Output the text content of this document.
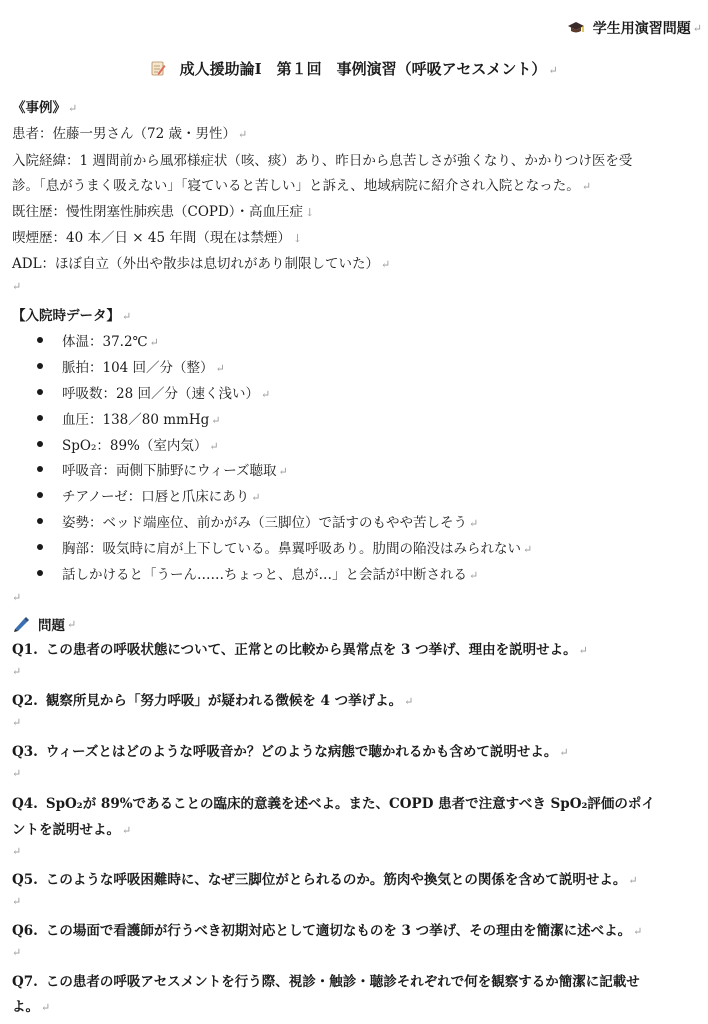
学生用演習問題 ↵
成人援助論Ⅰ　第１回　事例演習（呼吸アセスメント） ↵
《事例》 ↵
患者：佐藤一男さん（72 歳・男性） ↵
入院経緯：1 週間前から風邪様症状（咳、痰）あり、昨日から息苦しさが強くなり、かかりつけ医を受
診。「息がうまく吸えない」「寝ていると苦しい」と訴え、地域病院に紹介され入院となった。 ↵
既往歴：慢性閉塞性肺疾患（COPD）・高血圧症 ↓
喫煙歴：40 本／日 × 45 年間（現在は禁煙） ↓
ADL：ほぼ自立（外出や散歩は息切れがあり制限していた） ↵
↵
【入院時データ】 ↵
体温：37.2℃ ↵
脈拍：104 回／分（整） ↵
呼吸数：28 回／分（速く浅い） ↵
血圧：138／80 mmHg ↵
SpO₂：89%（室内気） ↵
呼吸音：両側下肺野にウィーズ聴取 ↵
チアノーゼ：口唇と爪床にあり ↵
姿勢：ベッド端座位、前かがみ（三脚位）で話すのもやや苦しそう ↵
胸部：吸気時に肩が上下している。鼻翼呼吸あり。肋間の陥没はみられない ↵
話しかけると「うーん……ちょっと、息が…」と会話が中断される ↵
↵
問題 ↵
Q1. この患者の呼吸状態について、正常との比較から異常点を 3 つ挙げ、理由を説明せよ。 ↵
↵
Q2. 観察所見から「努力呼吸」が疑われる徴候を 4 つ挙げよ。 ↵
↵
Q3. ウィーズとはどのような呼吸音か？どのような病態で聴かれるかも含めて説明せよ。 ↵
↵
Q4. SpO₂が 89%であることの臨床的意義を述べよ。また、COPD 患者で注意すべき SpO₂評価のポイ
ントを説明せよ。 ↵
↵
Q5. このような呼吸困難時に、なぜ三脚位がとられるのか。筋肉や換気との関係を含めて説明せよ。 ↵
↵
Q6. この場面で看護師が行うべき初期対応として適切なものを 3 つ挙げ、その理由を簡潔に述べよ。 ↵
↵
Q7. この患者の呼吸アセスメントを行う際、視診・触診・聴診それぞれで何を観察するか簡潔に記載せ
よ。 ↵
